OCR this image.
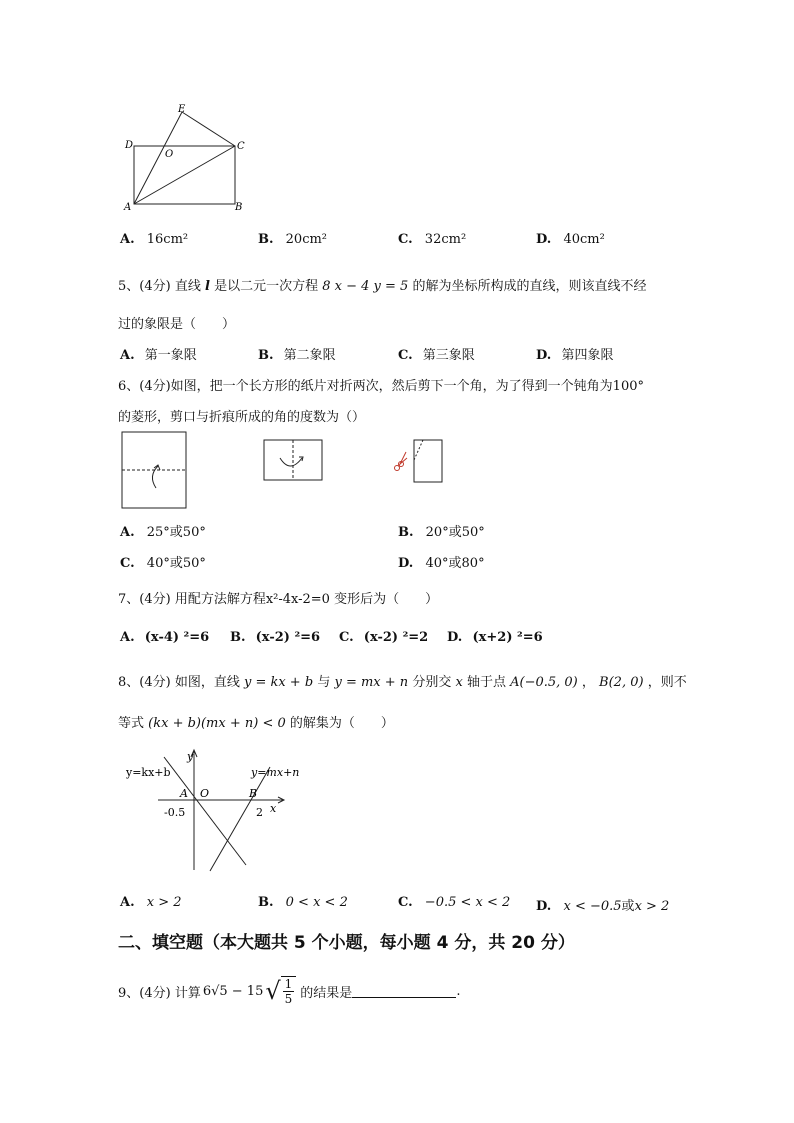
E
D
O
C
A	B
A. 16cm²	B. 20cm²	C. 32cm²	D. 40cm²
5、(4分) 直线 l 是以二元一次方程 8 x − 4 y = 5 的解为坐标所构成的直线，则该直线不经
过的象限是（　　）
A. 第一象限	B. 第二象限	C. 第三象限	D. 第四象限
6、(4分)如图，把一个长方形的纸片对折两次，然后剪下一个角，为了得到一个钝角为100°
的菱形，剪口与折痕所成的角的度数为（）
A. 25°或50°	B. 20°或50°
C. 40°或50°	D. 40°或80°
7、(4分) 用配方法解方程x²-4x-2=0 变形后为（　　）
A. (x-4) ²=6 B. (x-2) ²=6 C. (x-2) ²=2 D. (x+2) ²=6
8、(4分) 如图，直线 y = kx + b 与 y = mx + n 分别交 x 轴于点 A(−0.5, 0) ， B(2, 0) ，则不
等式 (kx + b)(mx + n) < 0 的解集为（　　）
y
x
A O	B
-0.5	2
y=kx+b	y=mx+n
A. x > 2	B. 0 < x < 2	C. −0.5 < x < 2 D. x < −0.5或x > 2
二、填空题（本大题共 5 个小题，每小题 4 分，共 20 分）
9、(4分) 计算 6√5 − 15 √ 1
5 的结果是	.
